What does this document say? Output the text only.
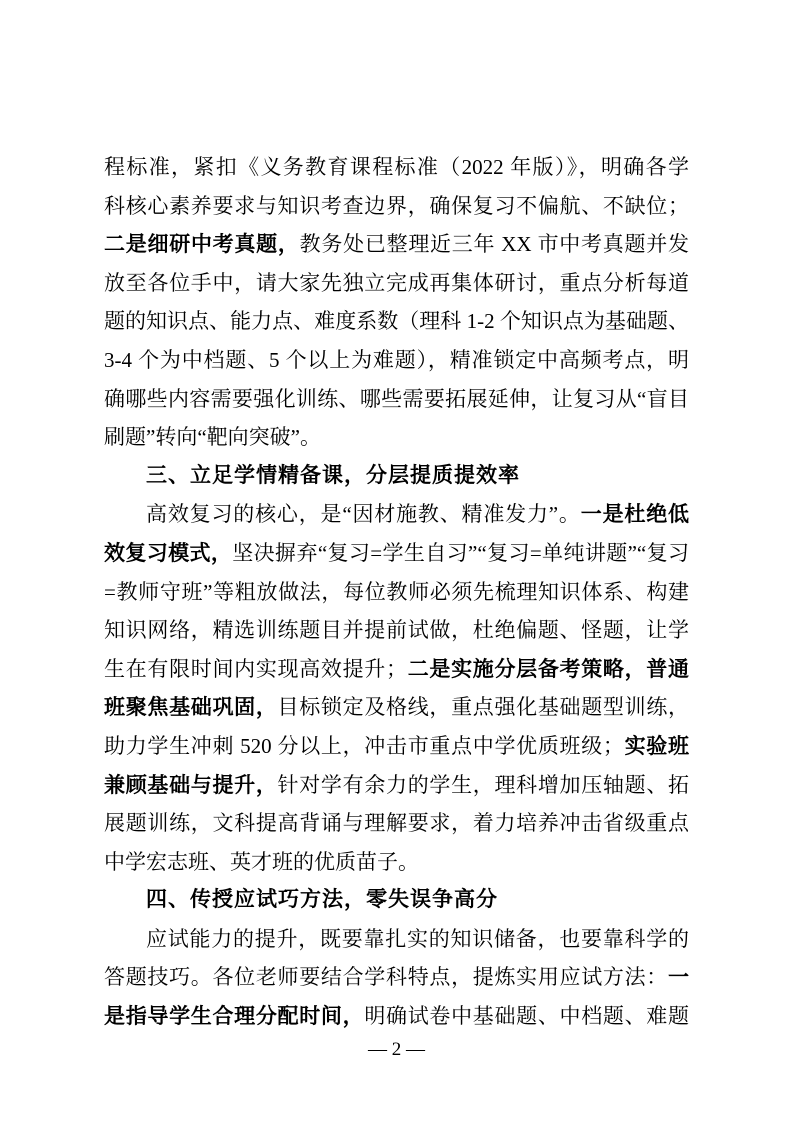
程标准，紧扣《义务教育课程标准（2022 年版）》，明确各学
科核心素养要求与知识考查边界，确保复习不偏航、不缺位；
二是细研中考真题，教务处已整理近三年 XX 市中考真题并发
放至各位手中，请大家先独立完成再集体研讨，重点分析每道
题的知识点、能力点、难度系数（理科 1-2 个知识点为基础题、
3-4 个为中档题、5 个以上为难题），精准锁定中高频考点，明
确哪些内容需要强化训练、哪些需要拓展延伸，让复习从“盲目
刷题”转向“靶向突破”。
三、立足学情精备课，分层提质提效率
高效复习的核心，是“因材施教、精准发力”。一是杜绝低
效复习模式，坚决摒弃“复习=学生自习”“复习=单纯讲题”“复习
=教师守班”等粗放做法，每位教师必须先梳理知识体系、构建
知识网络，精选训练题目并提前试做，杜绝偏题、怪题，让学
生在有限时间内实现高效提升；二是实施分层备考策略，普通
班聚焦基础巩固，目标锁定及格线，重点强化基础题型训练，
助力学生冲刺 520 分以上，冲击市重点中学优质班级；实验班
兼顾基础与提升，针对学有余力的学生，理科增加压轴题、拓
展题训练，文科提高背诵与理解要求，着力培养冲击省级重点
中学宏志班、英才班的优质苗子。
四、传授应试巧方法，零失误争高分
应试能力的提升，既要靠扎实的知识储备，也要靠科学的
答题技巧。各位老师要结合学科特点，提炼实用应试方法：一
是指导学生合理分配时间，明确试卷中基础题、中档题、难题
— 2 —
